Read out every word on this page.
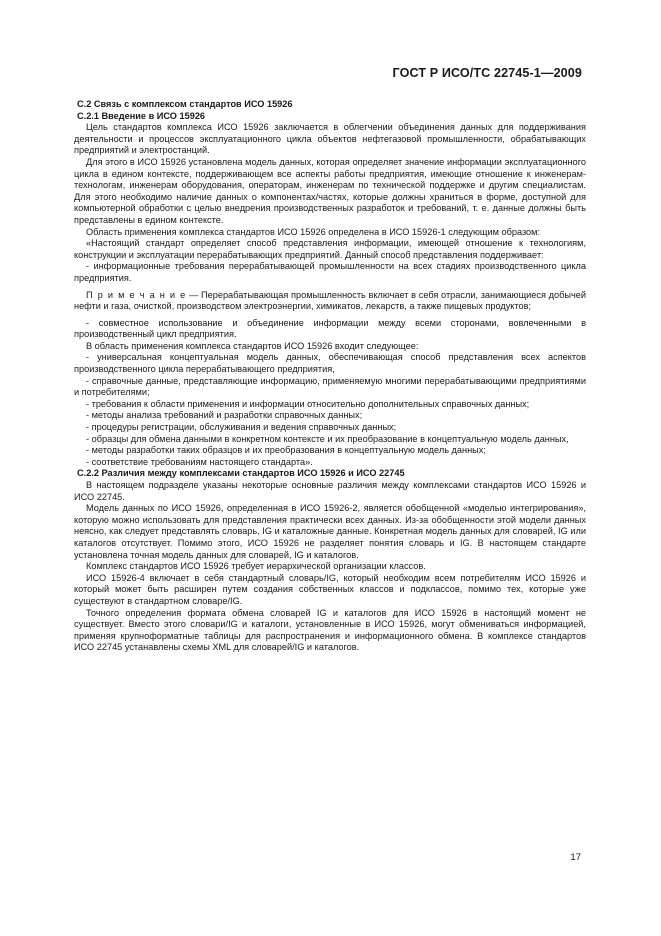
ГОСТ Р ИСО/ТС 22745-1—2009

С.2 Связь с комплексом стандартов ИСО 15926

С.2.1 Введение в ИСО 15926

Цель стандартов комплекса ИСО 15926 заключается в облегчении объединения данных для поддерживания деятельности и процессов эксплуатационного цикла объектов нефтегазовой промышленности, обрабатывающих предприятий и электростанций.

Для этого в ИСО 15926 установлена модель данных, которая определяет значение информации эксплуатационного цикла в едином контексте, поддерживающем все аспекты работы предприятия, имеющие отношение к инженерам-технологам, инженерам оборудования, операторам, инженерам по технической поддержке и другим специалистам. Для этого необходимо наличие данных о компонентах/частях, которые должны храниться в форме, доступной для компьютерной обработки с целью внедрения производственных разработок и требований, т. е. данные должны быть представлены в едином контексте.

Область применения комплекса стандартов ИСО 15926 определена в ИСО 15926-1 следующим образом:

«Настоящий стандарт определяет способ представления информации, имеющей отношение к технологиям, конструкции и эксплуатации перерабатывающих предприятий. Данный способ представления поддерживает:

- информационные требования перерабатывающей промышленности на всех стадиях производственного цикла предприятия.

П р и м е ч а н и е — Перерабатывающая промышленность включает в себя отрасли, занимающиеся добычей нефти и газа, очисткой, производством электроэнергии, химикатов, лекарств, а также пищевых продуктов;

- совместное использование и объединение информации между всеми сторонами, вовлеченными в производственный цикл предприятия.

В область применения комплекса стандартов ИСО 15926 входит следующее:

- универсальная концептуальная модель данных, обеспечивающая способ представления всех аспектов производственного цикла перерабатывающего предприятия,

- справочные данные, представляющие информацию, применяемую многими перерабатывающими предприятиями и потребителями;

- требования к области применения и информации относительно дополнительных справочных данных;

- методы анализа требований и разработки справочных данных;

- процедуры регистрации, обслуживания и ведения справочных данных;

- образцы для обмена данными в конкретном контексте и их преобразование в концептуальную модель данных,

- методы разработки таких образцов и их преобразования в концептуальную модель данных;

- соответствие требованиям настоящего стандарта».

С.2.2 Различия между комплексами стандартов ИСО 15926 и ИСО 22745

В настоящем подразделе указаны некоторые основные различия между комплексами стандартов ИСО 15926 и ИСО 22745.

Модель данных по ИСО 15926, определенная в ИСО 15926-2, является обобщенной «моделью интегрирования», которую можно использовать для представления практически всех данных. Из-за обобщенности этой модели данных неясно, как следует представлять словарь, IG и каталожные данные. Конкретная модель данных для словарей, IG или каталогов отсутствует. Помимо этого, ИСО 15926 не разделяет понятия словарь и IG. В настоящем стандарте установлена точная модель данных для словарей, IG и каталогов.

Комплекс стандартов ИСО 15926 требует иерархической организации классов.

ИСО 15926-4 включает в себя стандартный словарь/IG, который необходим всем потребителям ИСО 15926 и который может быть расширен путем создания собственных классов и подклассов, помимо тех, которые уже существуют в стандартном словаре/IG.

Точного определения формата обмена словарей IG и каталогов для ИСО 15926 в настоящий момент не существует. Вместо этого словари/IG и каталоги, установленные в ИСО 15926, могут обмениваться информацией, применяя крупноформатные таблицы для распространения и информационного обмена. В комплексе стандартов ИСО 22745 устанавлены схемы XML для словарей/IG и каталогов.

17
